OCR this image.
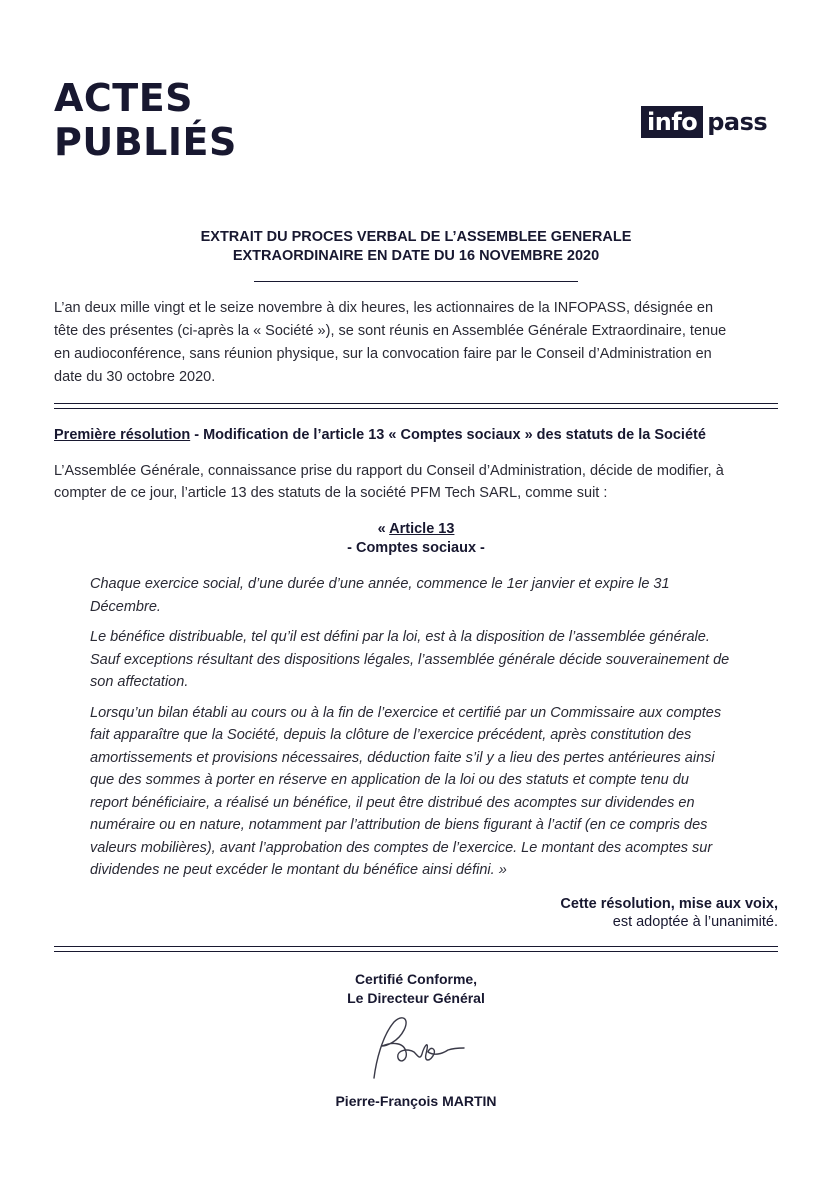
ACTES
PUBLIÉS	info pass
EXTRAIT DU PROCES VERBAL DE L’ASSEMBLEE GENERALE
EXTRAORDINAIRE EN DATE DU 16 NOVEMBRE 2020
L’an deux mille vingt et le seize novembre à dix heures, les actionnaires de la INFOPASS, désignée en
tête des présentes (ci-après la « Société »), se sont réunis en Assemblée Générale Extraordinaire, tenue
en audioconférence, sans réunion physique, sur la convocation faire par le Conseil d’Administration en
date du 30 octobre 2020.
Première résolution - Modification de l’article 13 « Comptes sociaux » des statuts de la Société
L’Assemblée Générale, connaissance prise du rapport du Conseil d’Administration, décide de modifier, à
compter de ce jour, l’article 13 des statuts de la société PFM Tech SARL, comme suit :
« Article 13
- Comptes sociaux -

Chaque exercice social, d’une durée d’une année, commence le 1er janvier et expire le 31
Décembre.

Le bénéfice distribuable, tel qu’il est défini par la loi, est à la disposition de l’assemblée générale.
Sauf exceptions résultant des dispositions légales, l’assemblée générale décide souverainement de
son affectation.

Lorsqu’un bilan établi au cours ou à la fin de l’exercice et certifié par un Commissaire aux comptes
fait apparaître que la Société, depuis la clôture de l’exercice précédent, après constitution des
amortissements et provisions nécessaires, déduction faite s’il y a lieu des pertes antérieures ainsi
que des sommes à porter en réserve en application de la loi ou des statuts et compte tenu du
report bénéficiaire, a réalisé un bénéfice, il peut être distribué des acomptes sur dividendes en
numéraire ou en nature, notamment par l’attribution de biens figurant à l’actif (en ce compris des
valeurs mobilières), avant l’approbation des comptes de l’exercice. Le montant des acomptes sur
dividendes ne peut excéder le montant du bénéfice ainsi défini. »

Cette résolution, mise aux voix,
est adoptée à l’unanimité.
Certifié Conforme,
Le Directeur Général
Pierre-François MARTIN
